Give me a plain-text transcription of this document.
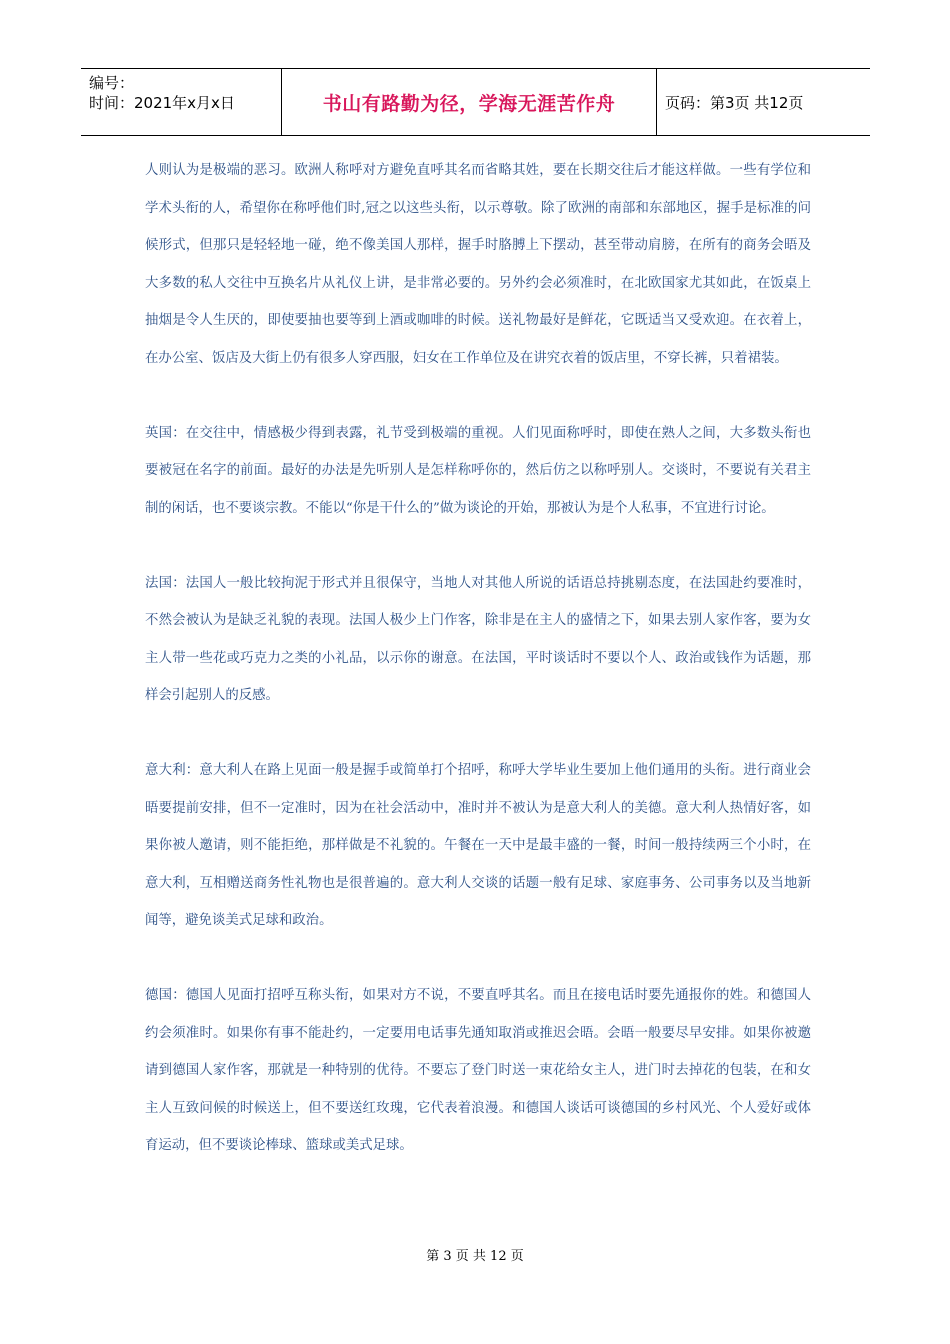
编号：
时间：2021年x月x日	书山有路勤为径，学海无涯苦作舟	页码：第3页 共12页

人则认为是极端的恶习。欧洲人称呼对方避免直呼其名而省略其姓，要在长期交往后才能这样做。一些有学位和学术头衔的人，希望你在称呼他们时,冠之以这些头衔，以示尊敬。除了欧洲的南部和东部地区，握手是标准的问候形式，但那只是轻轻地一碰，绝不像美国人那样，握手时胳膊上下摆动，甚至带动肩膀，在所有的商务会晤及大多数的私人交往中互换名片从礼仪上讲，是非常必要的。另外约会必须准时，在北欧国家尤其如此，在饭桌上抽烟是令人生厌的，即使要抽也要等到上酒或咖啡的时候。送礼物最好是鲜花，它既适当又受欢迎。在衣着上，在办公室、饭店及大街上仍有很多人穿西服，妇女在工作单位及在讲究衣着的饭店里，不穿长裤，只着裙装。

英国：在交往中，情感极少得到表露，礼节受到极端的重视。人们见面称呼时，即使在熟人之间，大多数头衔也要被冠在名字的前面。最好的办法是先听别人是怎样称呼你的，然后仿之以称呼别人。交谈时，不要说有关君主制的闲话，也不要谈宗教。不能以“你是干什么的”做为谈论的开始，那被认为是个人私事，不宜进行讨论。

法国：法国人一般比较拘泥于形式并且很保守，当地人对其他人所说的话语总持挑剔态度，在法国赴约要准时，不然会被认为是缺乏礼貌的表现。法国人极少上门作客，除非是在主人的盛情之下，如果去别人家作客，要为女主人带一些花或巧克力之类的小礼品，以示你的谢意。在法国，平时谈话时不要以个人、政治或钱作为话题，那样会引起别人的反感。

意大利：意大利人在路上见面一般是握手或简单打个招呼，称呼大学毕业生要加上他们通用的头衔。进行商业会晤要提前安排，但不一定准时，因为在社会活动中，准时并不被认为是意大利人的美德。意大利人热情好客，如果你被人邀请，则不能拒绝，那样做是不礼貌的。午餐在一天中是最丰盛的一餐，时间一般持续两三个小时，在意大利，互相赠送商务性礼物也是很普遍的。意大利人交谈的话题一般有足球、家庭事务、公司事务以及当地新闻等，避免谈美式足球和政治。

德国：德国人见面打招呼互称头衔，如果对方不说，不要直呼其名。而且在接电话时要先通报你的姓。和德国人约会须准时。如果你有事不能赴约，一定要用电话事先通知取消或推迟会晤。会晤一般要尽早安排。如果你被邀请到德国人家作客，那就是一种特别的优待。不要忘了登门时送一束花给女主人，进门时去掉花的包装，在和女主人互致问候的时候送上，但不要送红玫瑰，它代表着浪漫。和德国人谈话可谈德国的乡村风光、个人爱好或体育运动，但不要谈论棒球、篮球或美式足球。

第 3 页 共 12 页
